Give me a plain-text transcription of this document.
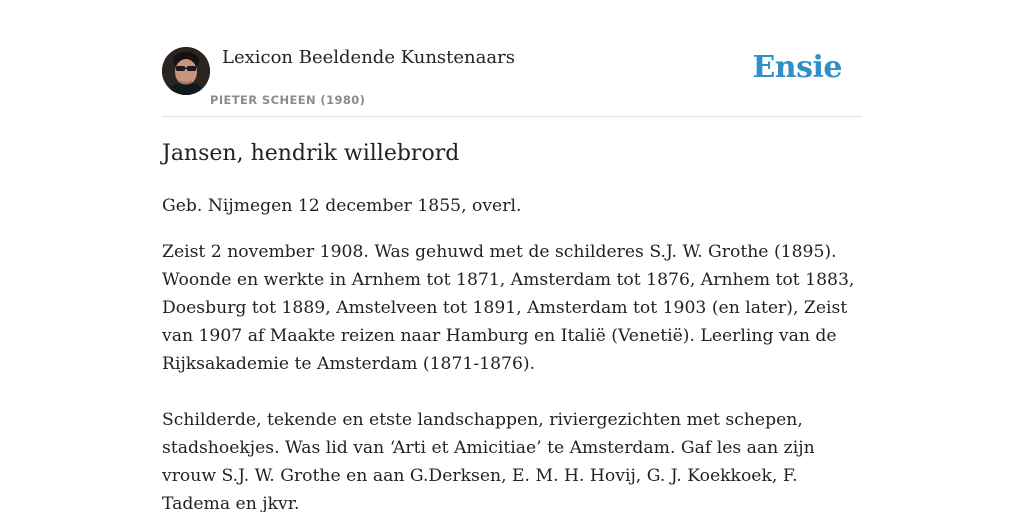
Lexicon Beeldende Kunstenaars
PIETER SCHEEN (1980)
Ensie
Jansen, hendrik willebrord

Geb. Nijmegen 12 december 1855, overl.

Zeist 2 november 1908. Was gehuwd met de schilderes S.J. W. Grothe (1895). Woonde en werkte in Arnhem tot 1871, Amsterdam tot 1876, Arnhem tot 1883, Doesburg tot 1889, Amstelveen tot 1891, Amsterdam tot 1903 (en later), Zeist van 1907 af Maakte reizen naar Hamburg en Italië (Venetië). Leerling van de Rijksakademie te Amsterdam (1871-1876).

Schilderde, tekende en etste landschappen, riviergezichten met schepen, stadshoekjes. Was lid van ‘Arti et Amicitiae’ te Amsterdam. Gaf les aan zijn vrouw S.J. W. Grothe en aan G.Derksen, E. M. H. Hovij, G. J. Koekkoek, F. Tadema en jkvr.
